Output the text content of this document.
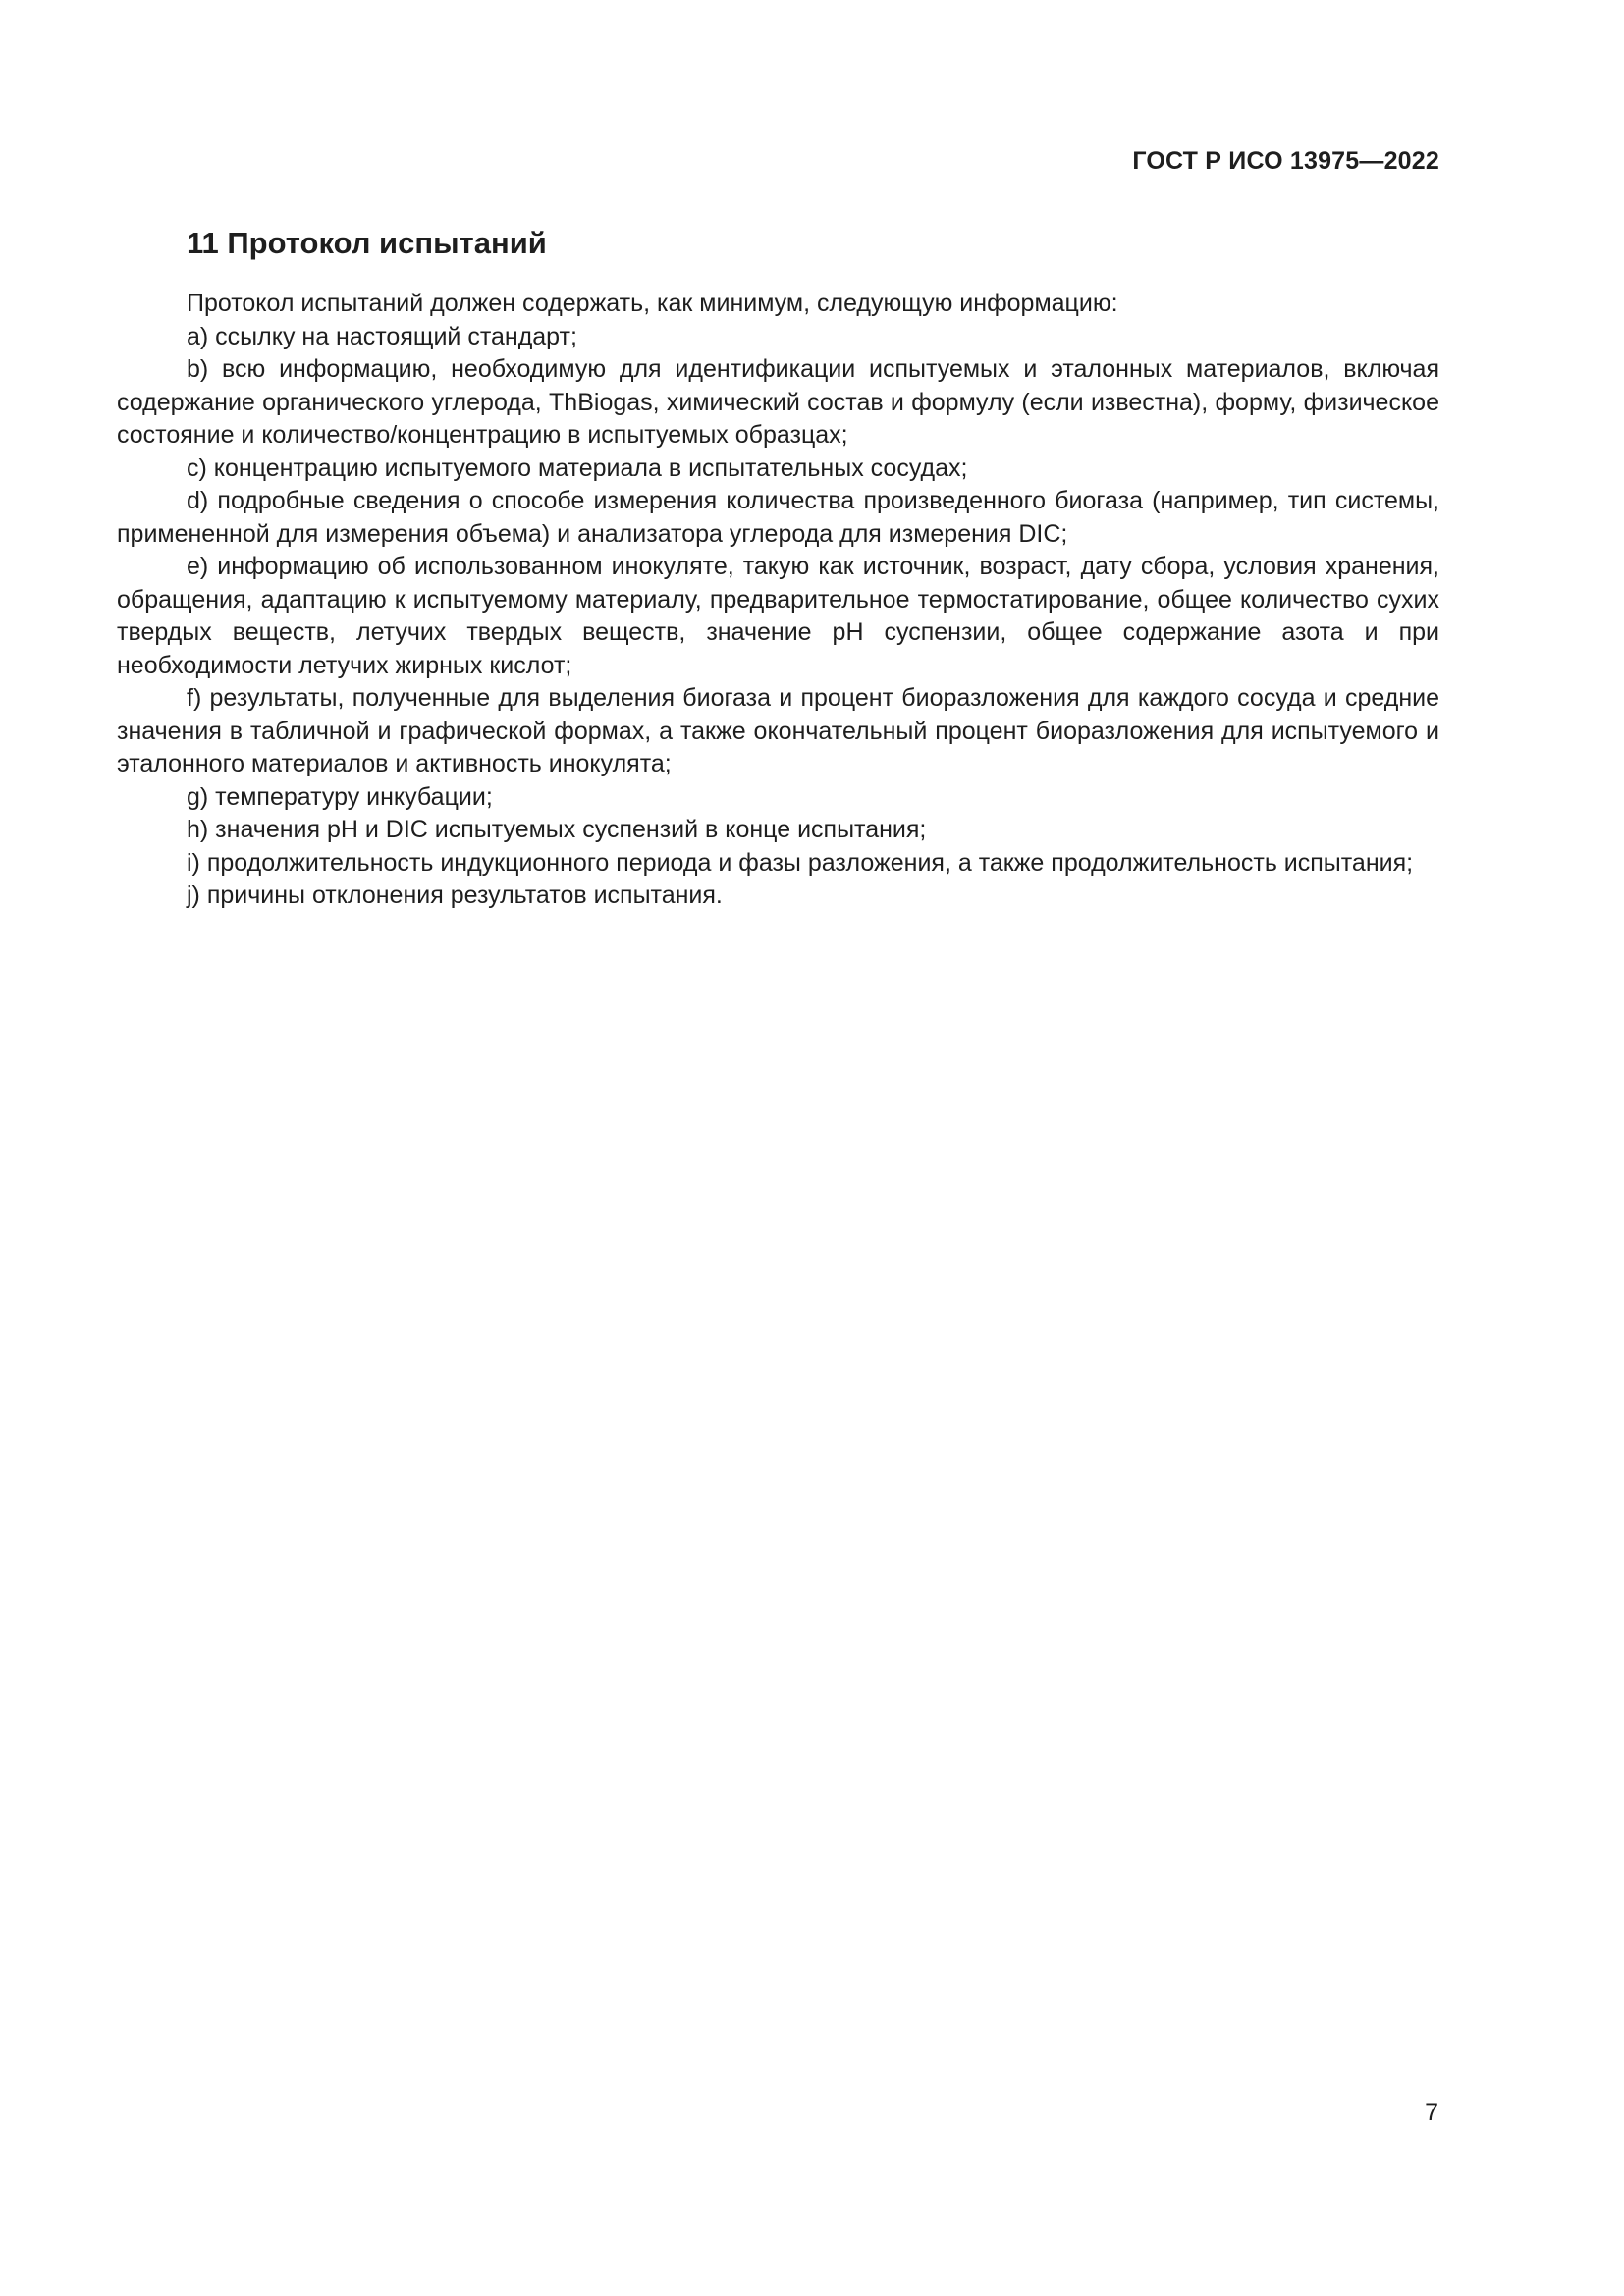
ГОСТ Р ИСО 13975—2022
11 Протокол испытаний

Протокол испытаний должен содержать, как минимум, следующую информацию:

a) ссылку на настоящий стандарт;

b) всю информацию, необходимую для идентификации испытуемых и эталонных материалов, включая содержание органического углерода, ThBiogas, химический состав и формулу (если известна), форму, физическое состояние и количество/концентрацию в испытуемых образцах;

c) концентрацию испытуемого материала в испытательных сосудах;

d) подробные сведения о способе измерения количества произведенного биогаза (например, тип системы, примененной для измерения объема) и анализатора углерода для измерения DIC;

e) информацию об использованном инокуляте, такую как источник, возраст, дату сбора, условия хранения, обращения, адаптацию к испытуемому материалу, предварительное термостатирование, общее количество сухих твердых веществ, летучих твердых веществ, значение pH суспензии, общее содержание азота и при необходимости летучих жирных кислот;

f) результаты, полученные для выделения биогаза и процент биоразложения для каждого сосуда и средние значения в табличной и графической формах, а также окончательный процент биоразложения для испытуемого и эталонного материалов и активность инокулята;

g) температуру инкубации;

h) значения pH и DIC испытуемых суспензий в конце испытания;

i) продолжительность индукционного периода и фазы разложения, а также продолжительность испытания;

j) причины отклонения результатов испытания.

7
